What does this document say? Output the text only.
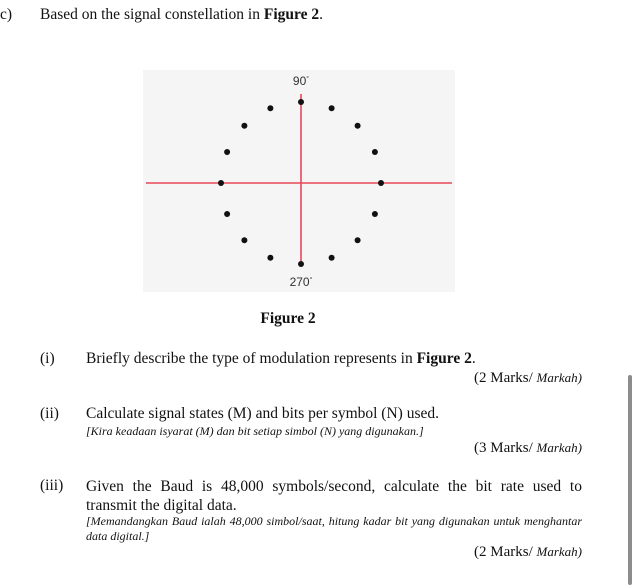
c) Based on the signal constellation in Figure 2.
90°
270°
Figure 2
(i) Briefly describe the type of modulation represents in Figure 2.
(2 Marks/ Markah)
(ii) Calculate signal states (M) and bits per symbol (N) used.
[Kira keadaan isyarat (M) dan bit setiap simbol (N) yang digunakan.]
(3 Marks/ Markah)
(iii) Given the Baud is 48,000 symbols/second, calculate the bit rate used to transmit the digital data.
[Memandangkan Baud ialah 48,000 simbol/saat, hitung kadar bit yang digunakan untuk menghantar data digital.]
(2 Marks/ Markah)
